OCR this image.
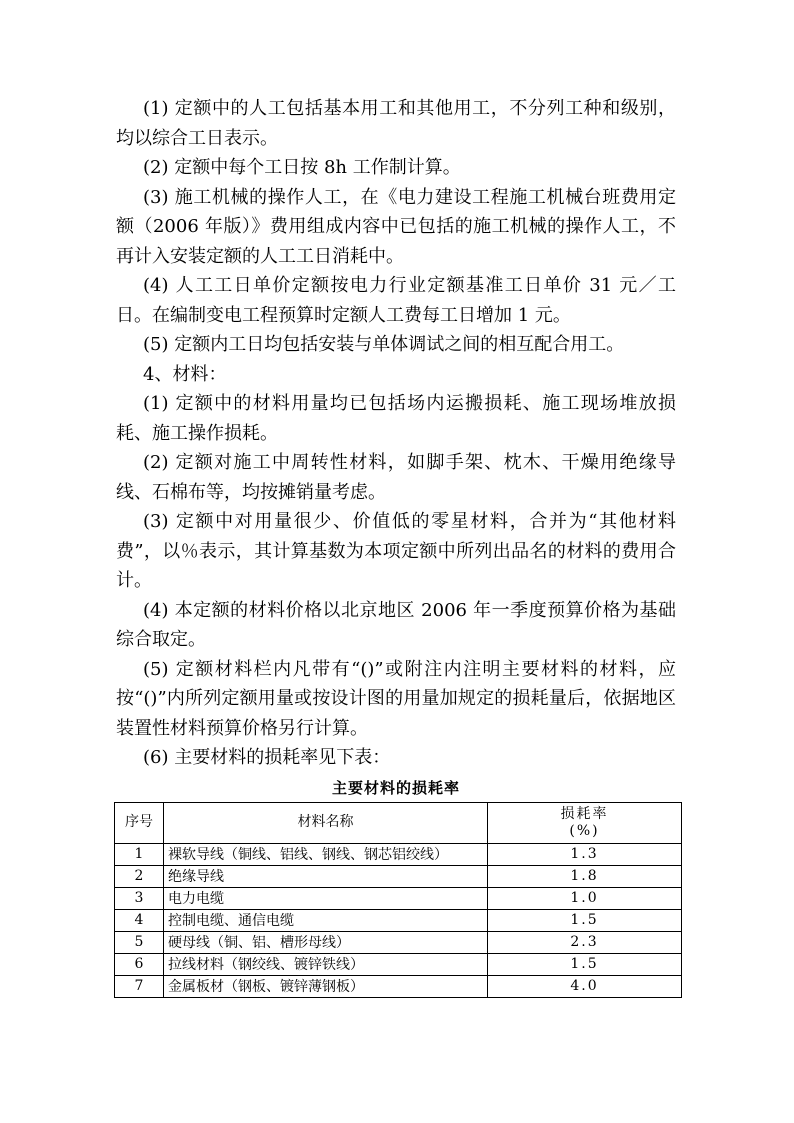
(1) 定额中的人工包括基本用工和其他用工，不分列工种和级别，均以综合工日表示。

(2) 定额中每个工日按 8h 工作制计算。

(3) 施工机械的操作人工，在《电力建设工程施工机械台班费用定额（2006 年版）》费用组成内容中已包括的施工机械的操作人工，不再计入安装定额的人工工日消耗中。

(4) 人工工日单价定额按电力行业定额基准工日单价 31 元／工日。在编制变电工程预算时定额人工费每工日增加 1 元。

(5) 定额内工日均包括安装与单体调试之间的相互配合用工。

4、材料：

(1) 定额中的材料用量均已包括场内运搬损耗、施工现场堆放损耗、施工操作损耗。

(2) 定额对施工中周转性材料，如脚手架、枕木、干燥用绝缘导线、石棉布等，均按摊销量考虑。

(3) 定额中对用量很少、价值低的零星材料，合并为“其他材料费”，以％表示，其计算基数为本项定额中所列出品名的材料的费用合计。

(4) 本定额的材料价格以北京地区 2006 年一季度预算价格为基础综合取定。

(5) 定额材料栏内凡带有“()”或附注内注明主要材料的材料，应按“()”内所列定额用量或按设计图的用量加规定的损耗量后，依据地区装置性材料预算价格另行计算。

(6) 主要材料的损耗率见下表：

主要材料的损耗率
序号	材料名称	损耗率
(%)
1	裸软导线（铜线、铝线、钢线、钢芯铝绞线）	1.3
2	绝缘导线	1.8
3	电力电缆	1.0
4	控制电缆、通信电缆	1.5
5	硬母线（铜、铝、槽形母线）	2.3
6	拉线材料（钢绞线、镀锌铁线）	1.5
7	金属板材（钢板、镀锌薄钢板）	4.0
